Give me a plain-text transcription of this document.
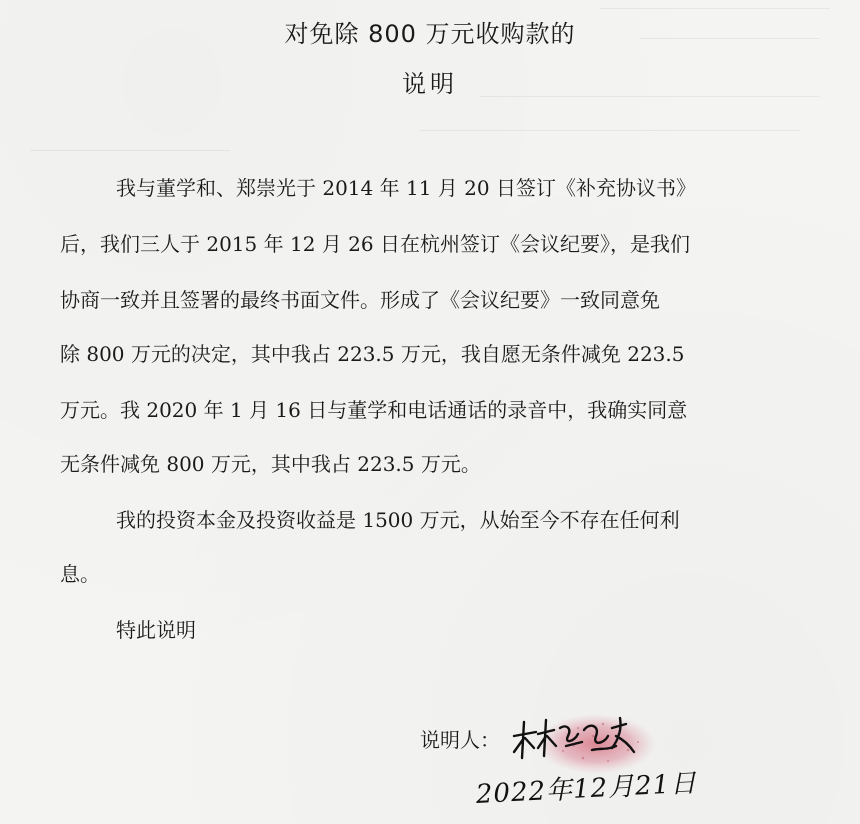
对免除 800 万元收购款的
说明

我与董学和、郑崇光于 2014 年 11 月 20 日签订《补充协议书》

后，我们三人于 2015 年 12 月 26 日在杭州签订《会议纪要》，是我们

协商一致并且签署的最终书面文件。形成了《会议纪要》一致同意免

除 800 万元的决定，其中我占 223.5 万元，我自愿无条件减免 223.5

万元。我 2020 年 1 月 16 日与董学和电话通话的录音中，我确实同意

无条件减免 800 万元，其中我占 223.5 万元。

我的投资本金及投资收益是 1500 万元，从始至今不存在任何利

息。

特此说明

说明人：
2022年12月21日
